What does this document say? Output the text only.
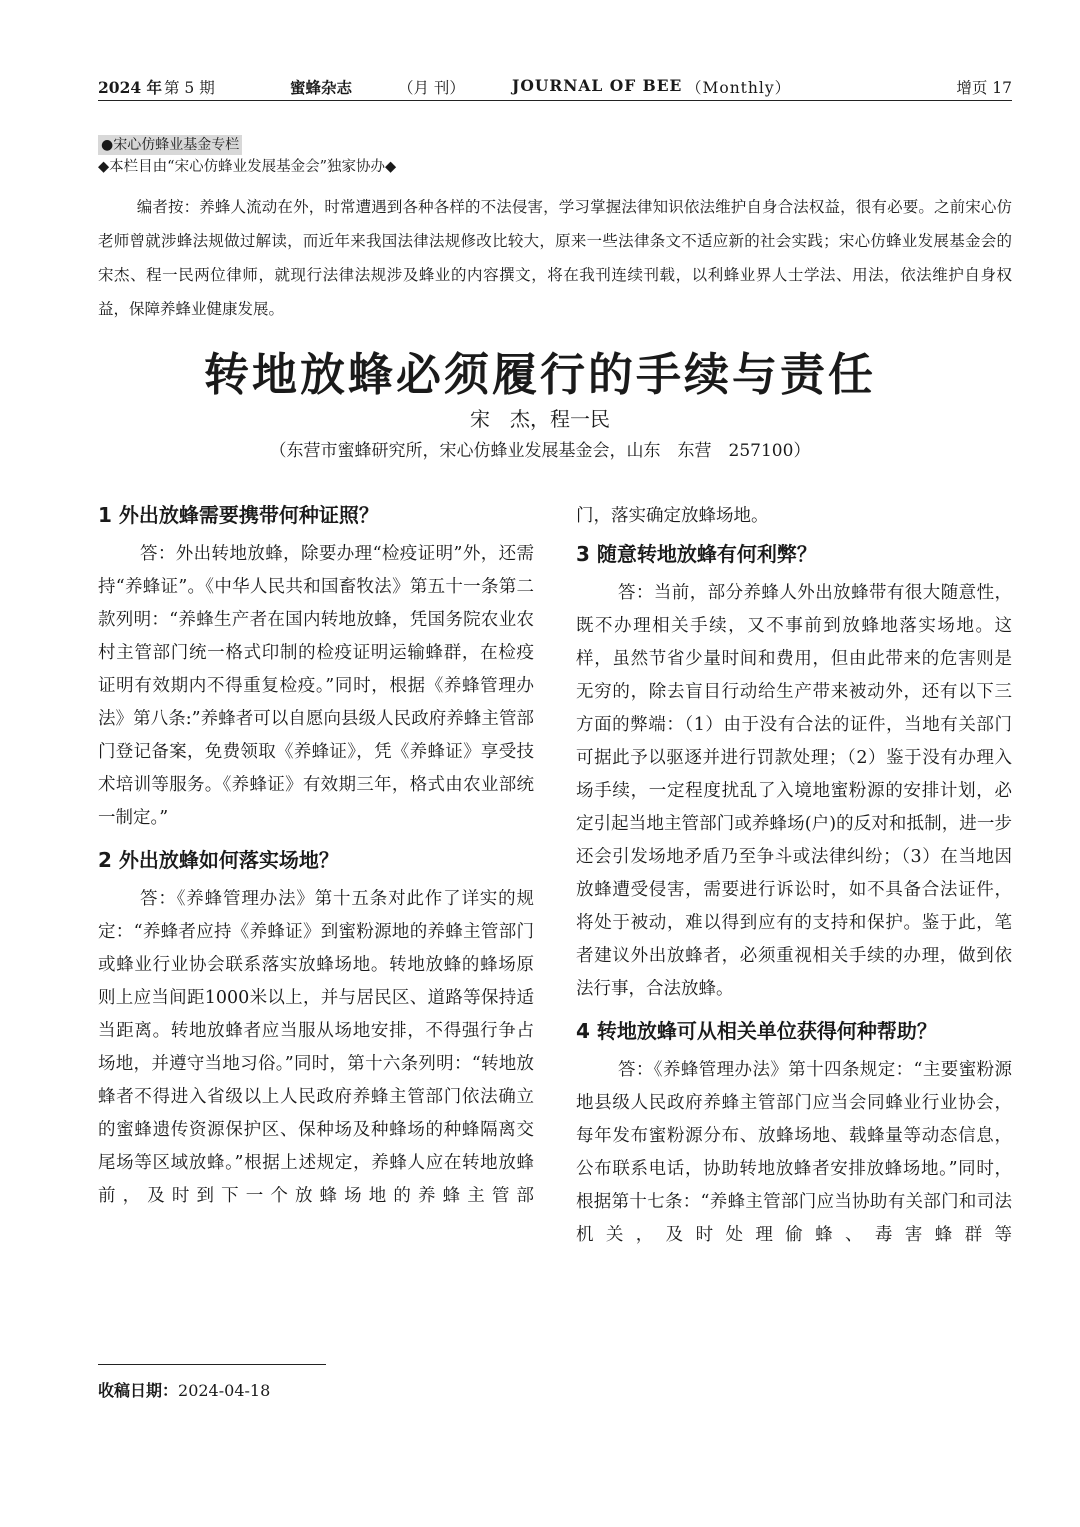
2024 年 第 5 期	蜜蜂杂志	（月 刊）	JOURNAL OF BEE （Monthly）	增页 17
●宋心仿蜂业基金专栏
◆本栏目由“宋心仿蜂业发展基金会”独家协办◆

编者按：养蜂人流动在外，时常遭遇到各种各样的不法侵害，学习掌握法律知识依法维护自身合法权益，很有必要。之前宋心仿老师曾就涉蜂法规做过解读，而近年来我国法律法规修改比较大，原来一些法律条文不适应新的社会实践；宋心仿蜂业发展基金会的宋杰、程一民两位律师，就现行法律法规涉及蜂业的内容撰文，将在我刊连续刊载，以利蜂业界人士学法、用法，依法维护自身权益，保障养蜂业健康发展。

转地放蜂必须履行的手续与责任
宋　杰，程一民
（东营市蜜蜂研究所，宋心仿蜂业发展基金会，山东　东营　257100）
1 外出放蜂需要携带何种证照？

答：外出转地放蜂，除要办理“检疫证明”外，还需持“养蜂证”。《中华人民共和国畜牧法》第五十一条第二款列明：“养蜂生产者在国内转地放蜂，凭国务院农业农村主管部门统一格式印制的检疫证明运输蜂群，在检疫证明有效期内不得重复检疫。”同时，根据《养蜂管理办法》第八条:”养蜂者可以自愿向县级人民政府养蜂主管部门登记备案，免费领取《养蜂证》，凭《养蜂证》享受技术培训等服务。《养蜂证》有效期三年，格式由农业部统一制定。”

2 外出放蜂如何落实场地？

答：《养蜂管理办法》第十五条对此作了详实的规定：“养蜂者应持《养蜂证》到蜜粉源地的养蜂主管部门或蜂业行业协会联系落实放蜂场地。转地放蜂的蜂场原则上应当间距1000米以上，并与居民区、道路等保持适当距离。转地放蜂者应当服从场地安排，不得强行争占场地，并遵守当地习俗。”同时，第十六条列明：“转地放蜂者不得进入省级以上人民政府养蜂主管部门依法确立的蜜蜂遗传资源保护区、保种场及种蜂场的种蜂隔离交尾场等区域放蜂。”根据上述规定，养蜂人应在转地放蜂前，及时到下一个放蜂场地的养蜂主管部

门，落实确定放蜂场地。

3 随意转地放蜂有何利弊？

答：当前，部分养蜂人外出放蜂带有很大随意性，既不办理相关手续，又不事前到放蜂地落实场地。这样，虽然节省少量时间和费用，但由此带来的危害则是无穷的，除去盲目行动给生产带来被动外，还有以下三方面的弊端：（1）由于没有合法的证件，当地有关部门可据此予以驱逐并进行罚款处理；（2）鉴于没有办理入场手续，一定程度扰乱了入境地蜜粉源的安排计划，必定引起当地主管部门或养蜂场(户)的反对和抵制，进一步还会引发场地矛盾乃至争斗或法律纠纷；（3）在当地因放蜂遭受侵害，需要进行诉讼时，如不具备合法证件，将处于被动，难以得到应有的支持和保护。鉴于此，笔者建议外出放蜂者，必须重视相关手续的办理，做到依法行事，合法放蜂。

4 转地放蜂可从相关单位获得何种帮助？

答：《养蜂管理办法》第十四条规定：“主要蜜粉源地县级人民政府养蜂主管部门应当会同蜂业行业协会，每年发布蜜粉源分布、放蜂场地、载蜂量等动态信息，公布联系电话，协助转地放蜂者安排放蜂场地。”同时，根据第十七条：“养蜂主管部门应当协助有关部门和司法机关，及时处理偷蜂、毒害蜂群等

收稿日期：2024-04-18
